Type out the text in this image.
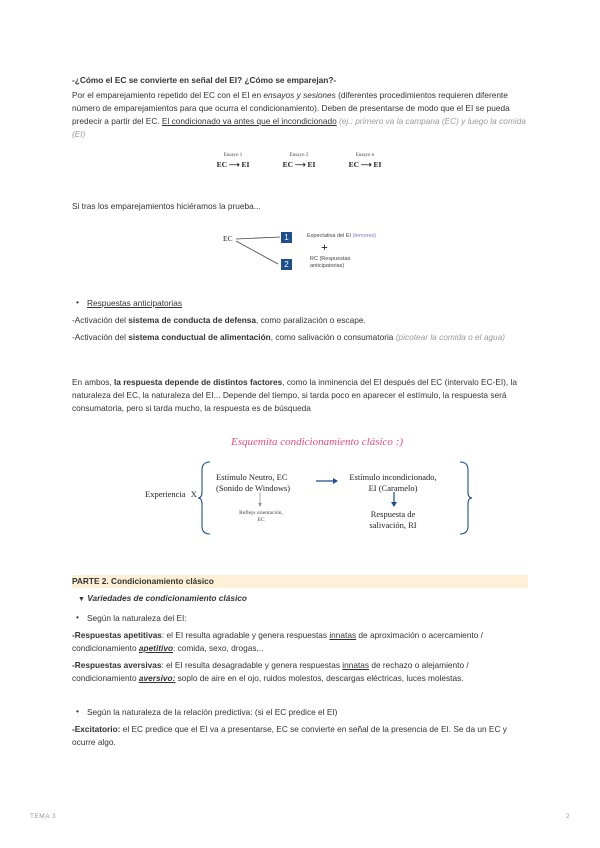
-¿Cómo el EC se convierte en señal del EI? ¿Cómo se emparejan?-
Por el emparejamiento repetido del EC con el EI en ensayos y sesiones (diferentes procedimientos requieren diferente número de emparejamientos para que ocurra el condicionamiento). Deben de presentarse de modo que el EI se pueda predecir a partir del EC. El condicionado va antes que el incondicionado (ej.: primero va la campana (EC) y luego la comida (EI)
Ensayo 1
EC ⟶ EI
Ensayo 2
EC ⟶ EI
Ensayo n
EC ⟶ EI
Si tras los emparejamientos hiciéramos la prueba...
EC	1
2
Expectativa del EI (temores)
+
RC (Respuestas
anticipatorias)
• Respuestas anticipatorias
-Activación del sistema de conducta de defensa, como paralización o escape.
-Activación del sistema conductual de alimentación, como salivación o consumatoria (picotear la comida o el agua)
En ambos, la respuesta depende de distintos factores, como la inminencia del EI después del EC (intervalo EC-EI), la naturaleza del EC, la naturaleza del EI... Depende del tiempo, si tarda poco en aparecer el estímulo, la respuesta será consumatoria, pero si tarda mucho, la respuesta es de búsqueda
Esquemita condicionamiento clásico :)
Experiencia X
Estímulo Neutro, EC
(Sonido de Windows)
Reflejo orientación,
EC
Estímulo incondicionado,
EI (Caramelo)
Respuesta de
salivación, RI
PARTE 2. Condicionamiento clásico
▼ Variedades de condicionamiento clásico
• Según la naturaleza del EI:
-Respuestas apetitivas: el EI resulta agradable y genera respuestas innatas de aproximación o acercamiento / condicionamiento apetitivo: comida, sexo, drogas,..
-Respuestas aversivas: el EI resulta desagradable y genera respuestas innatas de rechazo o alejamiento / condicionamiento aversivo: soplo de aire en el ojo, ruidos molestos, descargas eléctricas, luces molestas.
• Según la naturaleza de la relación predictiva: (si el EC predice el EI)
-Excitatorio: el EC predice que el EI va a presentarse, EC se convierte en señal de la presencia de EI. Se da un EC y ocurre algo.
TEMA 3	2
